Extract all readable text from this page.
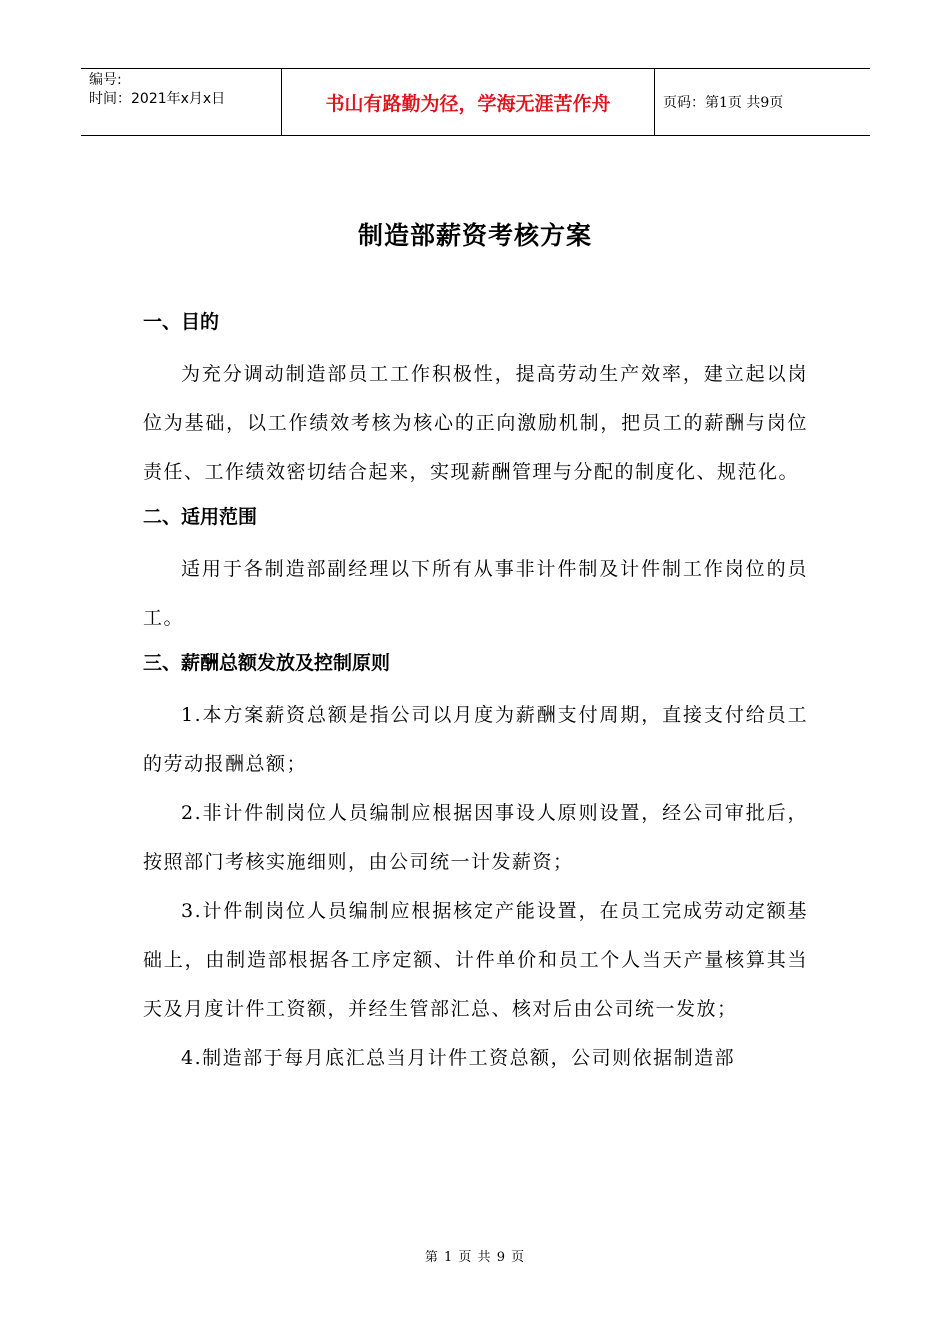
编号:
时间：2021年x月x日	书山有路勤为径，学海无涯苦作舟	页码：第1页 共9页
制造部薪资考核方案
一、目的

为充分调动制造部员工工作积极性，提高劳动生产效率，建立起以岗位为基础，以工作绩效考核为核心的正向激励机制，把员工的薪酬与岗位责任、工作绩效密切结合起来，实现薪酬管理与分配的制度化、规范化。

二、适用范围

适用于各制造部副经理以下所有从事非计件制及计件制工作岗位的员工。

三、薪酬总额发放及控制原则

1.本方案薪资总额是指公司以月度为薪酬支付周期，直接支付给员工的劳动报酬总额；

2.非计件制岗位人员编制应根据因事设人原则设置，经公司审批后，按照部门考核实施细则，由公司统一计发薪资；

3.计件制岗位人员编制应根据核定产能设置，在员工完成劳动定额基础上，由制造部根据各工序定额、计件单价和员工个人当天产量核算其当天及月度计件工资额，并经生管部汇总、核对后由公司统一发放；

4.制造部于每月底汇总当月计件工资总额，公司则依据制造部

第 1 页 共 9 页
